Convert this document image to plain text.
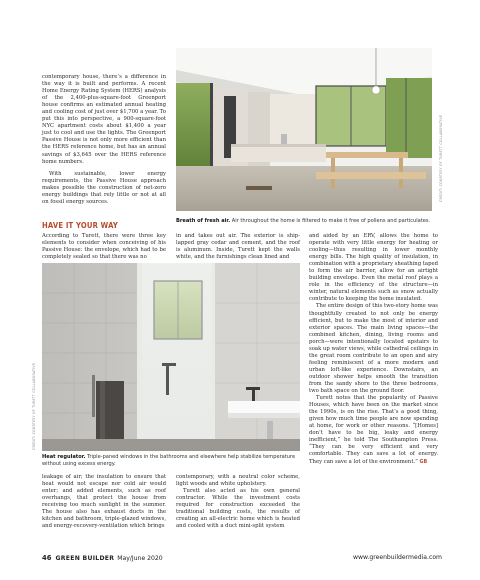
contemporary house, there’s a difference in the way it is built and performs. A recent Home Energy Rating System (HERS) analysis of the 2,400-plus-square-foot Greenport house confirms an estimated annual heating and cooling cost of just over $1,700 a year. To put this into perspective, a 900-square-foot NYC apartment costs about $1,400 a year just to cool and use the lights. The Greenport Passive House is not only more efficient than the HERS reference home, but has an annual savings of $3,645 over the HERS reference home numbers.

With sustainable, lower energy requirements, the Passive House approach makes possible the construction of net-zero energy buildings that rely little or not at all on fossil energy sources.	CREDIT: COURTESY OF TURETT COLLABORATIVE

Breath of fresh air. Air throughout the home is filtered to make it free of pollens and particulates.

HAVE IT YOUR WAY

According to Turett, there were three key elements to consider when conceiving of his Passive House: the envelope, which had to be completely sealed so that there was no

in and takes out air. The exterior is ship-lapped gray cedar and cement, and the roof is aluminum. Inside, Turett kept the walls white, and the furnishings clean lined and

and aided by an ERV, allows the home to operate with very little energy for heating or cooling—thus resulting in lower monthly energy bills. The high quality of insulation, in combination with a proprietary sheathing taped to form the air barrier, allow for an airtight building envelope. Even the metal roof plays a role in the efficiency of the structure—in winter, natural elements such as snow actually contribute to keeping the home insulated.

The entire design of this two-story home was thoughtfully created to not only be energy efficient, but to make the most of interior and exterior spaces. The main living spaces—the combined kitchen, dining, living rooms and porch—were intentionally located upstairs to soak up water views, while cathedral ceilings in the great room contribute to an open and airy feeling reminiscent of a more modern and urban loft-like experience. Downstairs, an outdoor shower helps smooth the transition from the sandy shore to the three bedrooms, two bath space on the ground floor.

Turett notes that the popularity of Passive Houses, which have been on the market since the 1990s, is on the rise. That’s a good thing, given how much time people are now spending at home, for work or other reasons. “[Homes] don’t have to be big, leaky and energy inefficient,” he told The Southampton Press. “They can be very efficient and very comfortable. They can save a lot of energy. They can save a lot of the environment.” GB

CREDIT: COURTESY OF TURETT COLLABORATIVE

Heat regulator. Triple-paned windows in the bathrooms and elsewhere help stabilize temperature without using excess energy.

leakage of air; the insulation to ensure that heat would not escape nor cold air would enter; and added elements, such as roof overhangs, that protect the house from receiving too much sunlight in the summer. The house also has exhaust ducts in the kitchen and bathroom, triple-glazed windows, and energy-recovery-ventilation which brings

contemporary, with a neutral color scheme, light woods and white upholstery.

Turett also acted as his own general contractor. While the investment costs required for construction exceeded the traditional building costs, the results of creating an all-electric home which is heated and cooled with a duct mini-split system

46 GREEN BUILDER May/June 2020	www.greenbuildermedia.com
